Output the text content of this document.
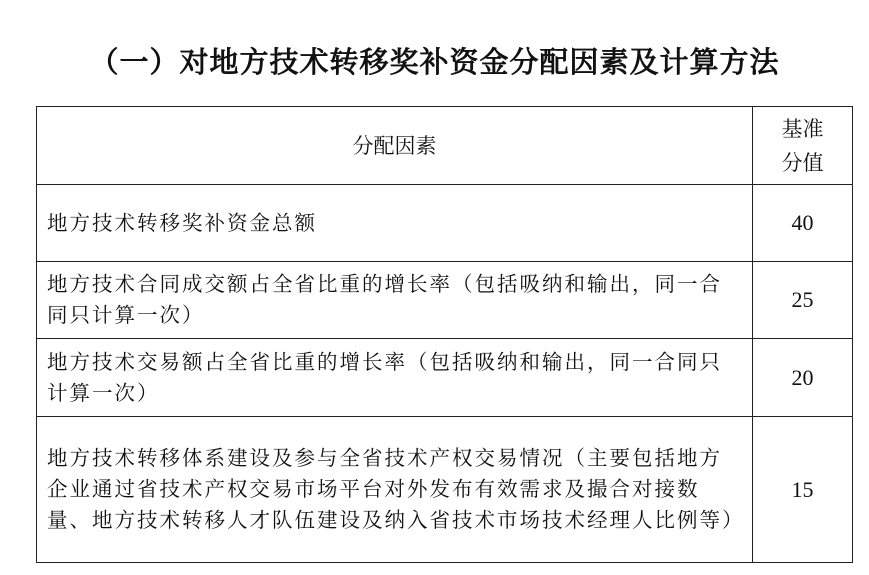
（一）对地方技术转移奖补资金分配因素及计算方法
分配因素	基准
分值

地方技术转移奖补资金总额	40
地方技术合同成交额占全省比重的增长率（包括吸纳和输出，同一合同只计算一次）	25
地方技术交易额占全省比重的增长率（包括吸纳和输出，同一合同只计算一次）	20
地方技术转移体系建设及参与全省技术产权交易情况（主要包括地方企业通过省技术产权交易市场平台对外发布有效需求及撮合对接数量、地方技术转移人才队伍建设及纳入省技术市场技术经理人比例等）	15
